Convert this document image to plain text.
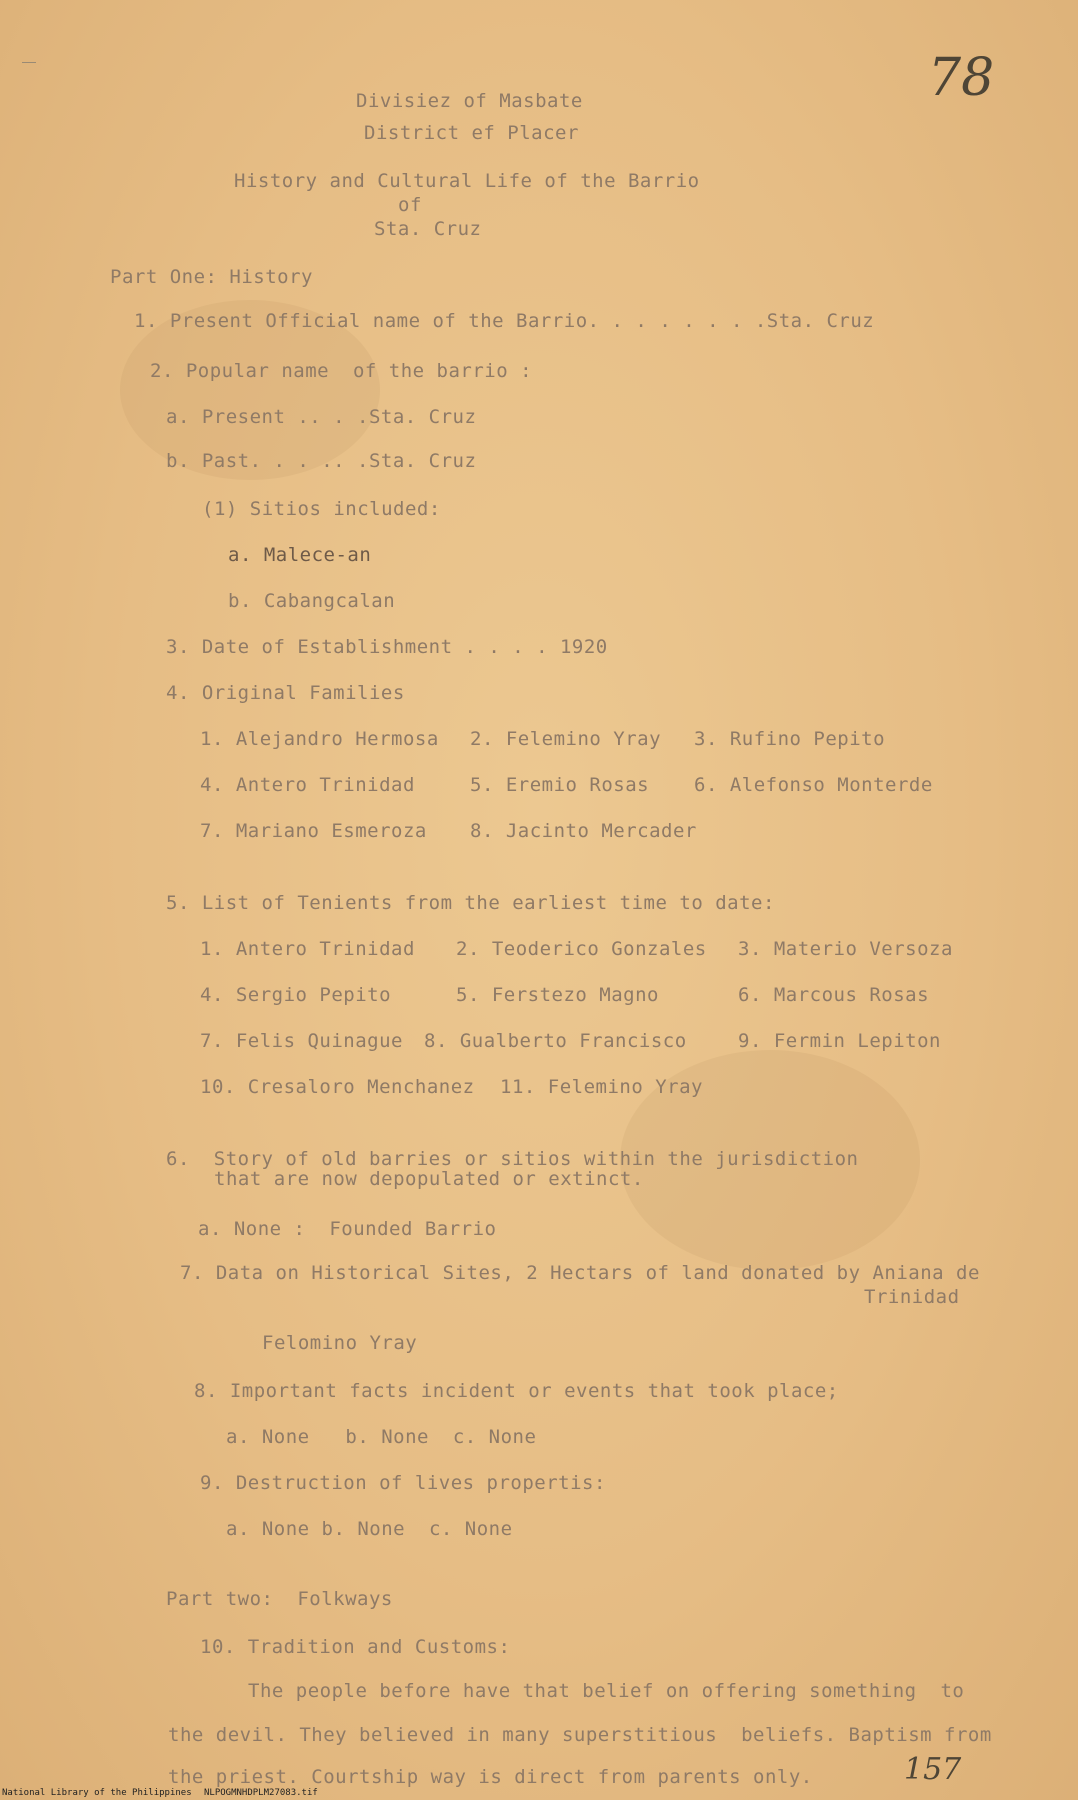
78
Divisiez of Masbate
District ef Placer
History and Cultural Life of the Barrio
of
Sta. Cruz
Part One: History
1. Present Official name of the Barrio. . . . . . . .Sta. Cruz
2. Popular name  of the barrio :
a. Present .. . .Sta. Cruz
b. Past. . . .. .Sta. Cruz
(1) Sitios included:
a. Malece-an
b. Cabangcalan
3. Date of Establishment . . . . 1920
4. Original Families
1. Alejandro Hermosa 2. Felemino Yray 3. Rufino Pepito
4. Antero Trinidad	5. Eremio Rosas 6. Alefonso Monterde
7. Mariano Esmeroza 8. Jacinto Mercader
5. List of Tenients from the earliest time to date:
1. Antero Trinidad 2. Teoderico Gonzales 3. Materio Versoza
4. Sergio Pepito	5. Ferstezo Magno	6. Marcous Rosas
7. Felis Quinague 8. Gualberto Francisco	9. Fermin Lepiton
10. Cresaloro Menchanez 11. Felemino Yray
6.  Story of old barries or sitios within the jurisdiction
that are now depopulated or extinct.
a. None :  Founded Barrio
7. Data on Historical Sites, 2 Hectars of land donated by Aniana de
Trinidad
Felomino Yray
8. Important facts incident or events that took place;
a. None   b. None  c. None
9. Destruction of lives propertis:
a. None b. None  c. None
Part two:  Folkways
10. Tradition and Customs:
The people before have that belief on offering something  to
the devil. They believed in many superstitious  beliefs. Baptism from
the priest. Courtship way is direct from parents only.	157
National Library of the Philippines NLPOGMNHDPLM27083.tif
